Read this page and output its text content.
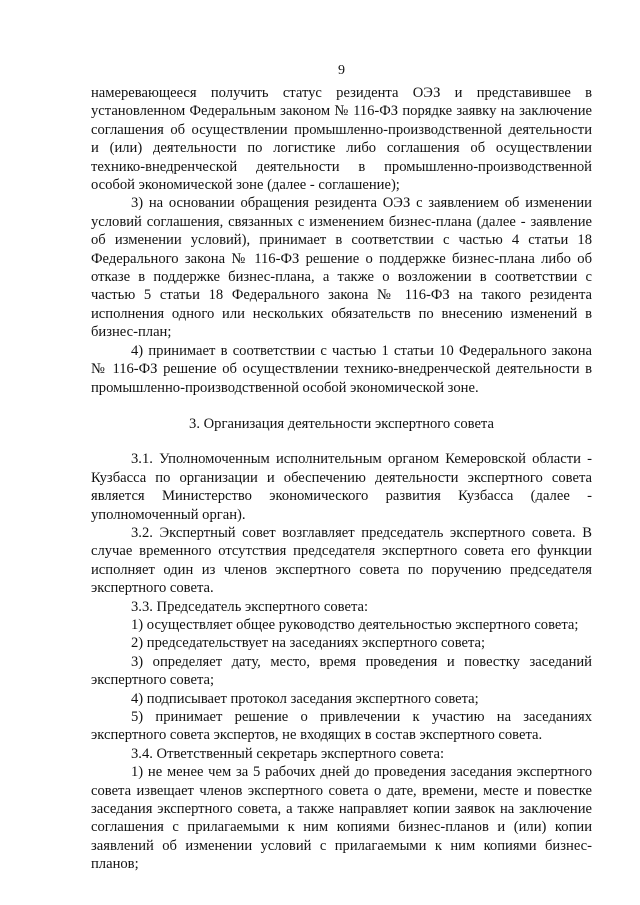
9

намеревающееся получить статус резидента ОЭЗ и представившее в установленном Федеральным законом № 116-ФЗ порядке заявку на заключение соглашения об осуществлении промышленно-производственной деятельности и (или) деятельности по логистике либо соглашения об осуществлении технико-внедренческой деятельности в промышленно-производственной особой экономической зоне (далее - соглашение);

3) на основании обращения резидента ОЭЗ с заявлением об изменении условий соглашения, связанных с изменением бизнес-плана (далее - заявление об изменении условий), принимает в соответствии с частью 4 статьи 18 Федерального закона № 116-ФЗ решение о поддержке бизнес-плана либо об отказе в поддержке бизнес-плана, а также о возложении в соответствии с частью 5 статьи 18 Федерального закона № 116-ФЗ на такого резидента исполнения одного или нескольких обязательств по внесению изменений в бизнес-план;

4) принимает в соответствии с частью 1 статьи 10 Федерального закона № 116-ФЗ решение об осуществлении технико-внедренческой деятельности в промышленно-производственной особой экономической зоне.

3. Организация деятельности экспертного совета

3.1. Уполномоченным исполнительным органом Кемеровской области - Кузбасса по организации и обеспечению деятельности экспертного совета является Министерство экономического развития Кузбасса (далее - уполномоченный орган).

3.2. Экспертный совет возглавляет председатель экспертного совета. В случае временного отсутствия председателя экспертного совета его функции исполняет один из членов экспертного совета по поручению председателя экспертного совета.

3.3. Председатель экспертного совета:

1) осуществляет общее руководство деятельностью экспертного совета;

2) председательствует на заседаниях экспертного совета;

3) определяет дату, место, время проведения и повестку заседаний экспертного совета;

4) подписывает протокол заседания экспертного совета;

5) принимает решение о привлечении к участию на заседаниях экспертного совета экспертов, не входящих в состав экспертного совета.

3.4. Ответственный секретарь экспертного совета:

1) не менее чем за 5 рабочих дней до проведения заседания экспертного совета извещает членов экспертного совета о дате, времени, месте и повестке заседания экспертного совета, а также направляет копии заявок на заключение соглашения с прилагаемыми к ним копиями бизнес-планов и (или) копии заявлений об изменении условий с прилагаемыми к ним копиями бизнес-планов;
